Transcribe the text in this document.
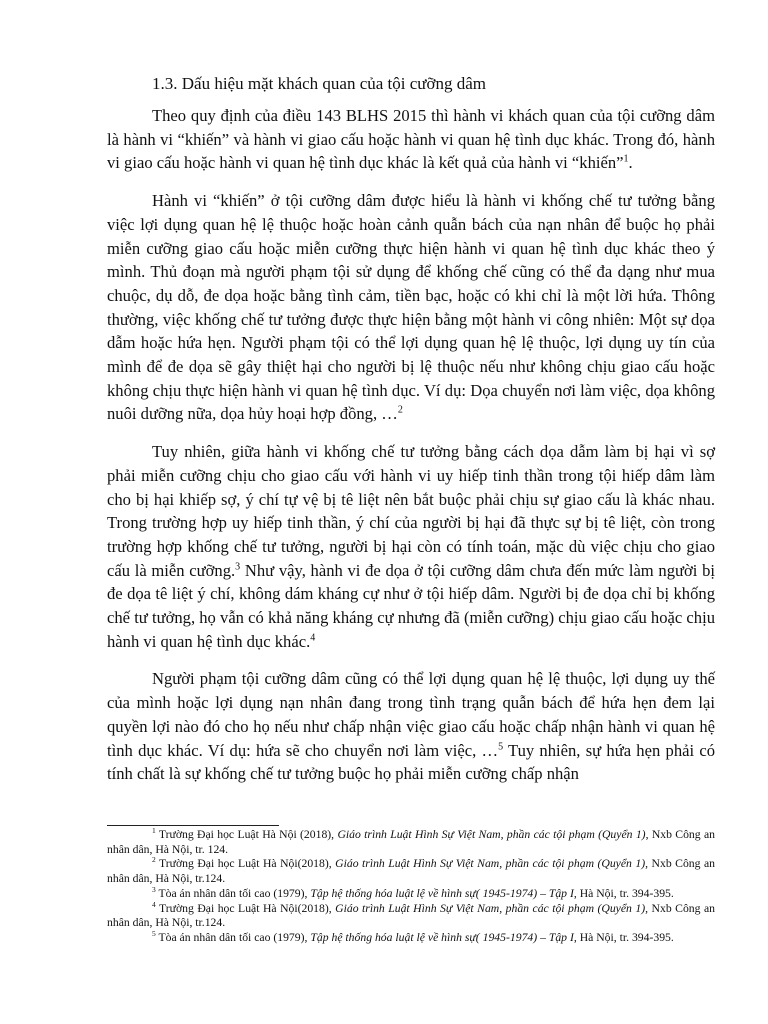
1.3. Dấu hiệu mặt khách quan của tội cưỡng dâm

Theo quy định của điều 143 BLHS 2015 thì hành vi khách quan của tội cưỡng dâm là hành vi “khiến” và hành vi giao cấu hoặc hành vi quan hệ tình dục khác. Trong đó, hành vi giao cấu hoặc hành vi quan hệ tình dục khác là kết quả của hành vi “khiến”$^1$.

Hành vi “khiến” ở tội cưỡng dâm được hiểu là hành vi khống chế tư tưởng bằng việc lợi dụng quan hệ lệ thuộc hoặc hoàn cảnh quẫn bách của nạn nhân để buộc họ phải miễn cưỡng giao cấu hoặc miễn cưỡng thực hiện hành vi quan hệ tình dục khác theo ý mình. Thủ đoạn mà người phạm tội sử dụng để khống chế cũng có thể đa dạng như mua chuộc, dụ dỗ, đe dọa hoặc bằng tình cảm, tiền bạc, hoặc có khi chỉ là một lời hứa. Thông thường, việc khống chế tư tưởng được thực hiện bằng một hành vi công nhiên: Một sự dọa dẫm hoặc hứa hẹn. Người phạm tội có thể lợi dụng quan hệ lệ thuộc, lợi dụng uy tín của mình để đe dọa sẽ gây thiệt hại cho người bị lệ thuộc nếu như không chịu giao cấu hoặc không chịu thực hiện hành vi quan hệ tình dục. Ví dụ: Dọa chuyển nơi làm việc, dọa không nuôi dưỡng nữa, dọa hủy hoại hợp đồng, …$^2$

Tuy nhiên, giữa hành vi khống chế tư tưởng bằng cách dọa dẫm làm bị hại vì sợ phải miễn cưỡng chịu cho giao cấu với hành vi uy hiếp tinh thần trong tội hiếp dâm làm cho bị hại khiếp sợ, ý chí tự vệ bị tê liệt nên bắt buộc phải chịu sự giao cấu là khác nhau. Trong trường hợp uy hiếp tinh thần, ý chí của người bị hại đã thực sự bị tê liệt, còn trong trường hợp khống chế tư tưởng, người bị hại còn có tính toán, mặc dù việc chịu cho giao cấu là miễn cưỡng.$^3$ Như vậy, hành vi đe dọa ở tội cưỡng dâm chưa đến mức làm người bị đe dọa tê liệt ý chí, không dám kháng cự như ở tội hiếp dâm. Người bị đe dọa chỉ bị khống chế tư tưởng, họ vẫn có khả năng kháng cự nhưng đã (miễn cưỡng) chịu giao cấu hoặc chịu hành vi quan hệ tình dục khác.$^4$

Người phạm tội cưỡng dâm cũng có thể lợi dụng quan hệ lệ thuộc, lợi dụng uy thế của mình hoặc lợi dụng nạn nhân đang trong tình trạng quẫn bách để hứa hẹn đem lại quyền lợi nào đó cho họ nếu như chấp nhận việc giao cấu hoặc chấp nhận hành vi quan hệ tình dục khác. Ví dụ: hứa sẽ cho chuyển nơi làm việc, …$^5$ Tuy nhiên, sự hứa hẹn phải có tính chất là sự khống chế tư tưởng buộc họ phải miễn cưỡng chấp nhận

$^1$ Trường Đại học Luật Hà Nội (2018), Giáo trình Luật Hình Sự Việt Nam, phần các tội phạm (Quyển 1), Nxb Công an nhân dân, Hà Nội, tr. 124.

$^2$ Trường Đại học Luật Hà Nội(2018), Giáo trình Luật Hình Sự Việt Nam, phần các tội phạm (Quyển 1), Nxb Công an nhân dân, Hà Nội, tr.124.

$^3$ Tòa án nhân dân tối cao (1979), Tập hệ thống hóa luật lệ về hình sự( 1945-1974) – Tập I, Hà Nội, tr. 394-395.

$^4$ Trường Đại học Luật Hà Nội(2018), Giáo trình Luật Hình Sự Việt Nam, phần các tội phạm (Quyển 1), Nxb Công an nhân dân, Hà Nội, tr.124.

$^5$ Tòa án nhân dân tối cao (1979), Tập hệ thống hóa luật lệ về hình sự( 1945-1974) – Tập I, Hà Nội, tr. 394-395.
